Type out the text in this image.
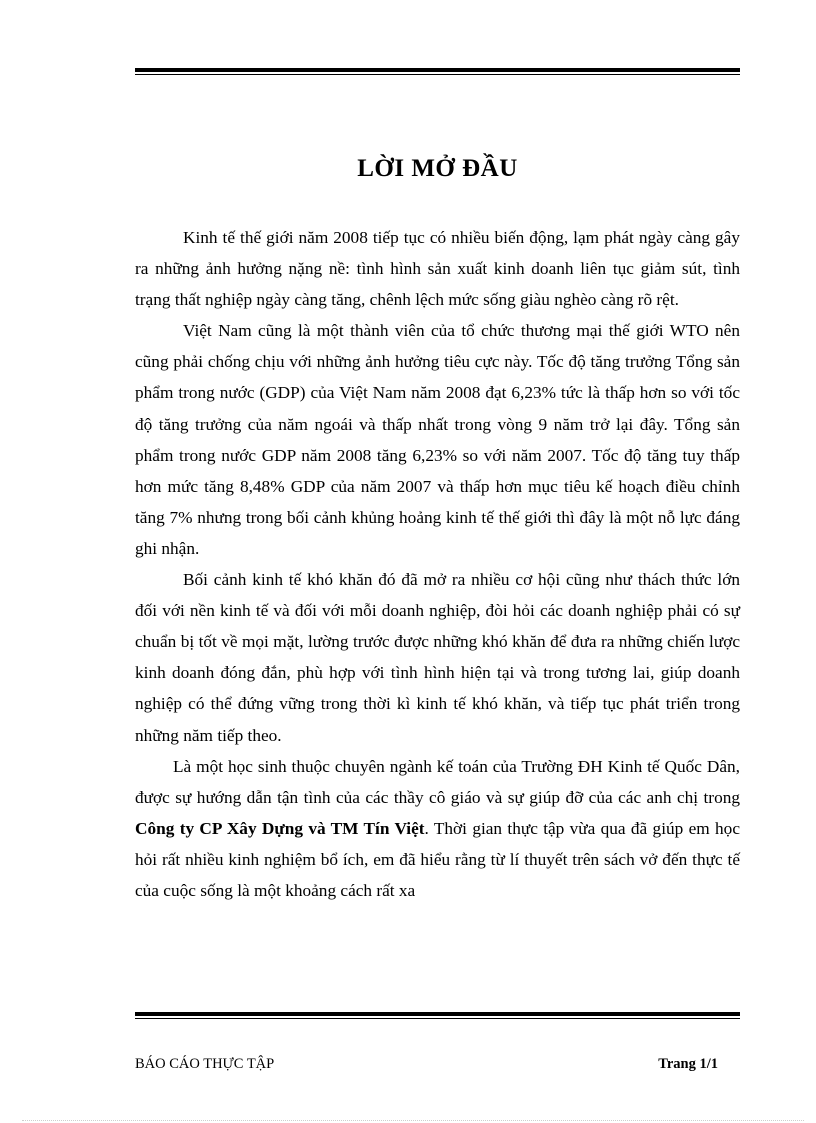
LỜI MỞ ĐẦU

Kinh tế thế giới năm 2008 tiếp tục có nhiều biến động, lạm phát ngày càng gây ra những ảnh hưởng nặng nề: tình hình sản xuất kinh doanh liên tục giảm sút, tình trạng thất nghiệp ngày càng tăng, chênh lệch mức sống giàu nghèo càng rõ rệt.

Việt Nam cũng là một thành viên của tổ chức thương mại thế giới WTO nên cũng phải chống chịu với những ảnh hưởng tiêu cực này. Tốc độ tăng trưởng Tổng sản phẩm trong nước (GDP) của Việt Nam năm 2008 đạt 6,23% tức là thấp hơn so với tốc độ tăng trưởng của năm ngoái và thấp nhất trong vòng 9 năm trở lại đây. Tổng sản phẩm trong nước GDP năm 2008 tăng 6,23% so với năm 2007. Tốc độ tăng tuy thấp hơn mức tăng 8,48% GDP của năm 2007 và thấp hơn mục tiêu kế hoạch điều chỉnh tăng 7% nhưng trong bối cảnh khủng hoảng kinh tế thế giới thì đây là một nỗ lực đáng ghi nhận.

Bối cảnh kinh tế khó khăn đó đã mở ra nhiều cơ hội cũng như thách thức lớn đối với nền kinh tế và đối với mỗi doanh nghiệp, đòi hỏi các doanh nghiệp phải có sự chuẩn bị tốt về mọi mặt, lường trước được những khó khăn để đưa ra những chiến lược kinh doanh đóng đắn, phù hợp với tình hình hiện tại và trong tương lai, giúp doanh nghiệp có thể đứng vững trong thời kì kinh tế khó khăn, và tiếp tục phát triển trong những năm tiếp theo.

Là một học sinh thuộc chuyên ngành kế toán của Trường ĐH Kinh tế Quốc Dân, được sự hướng dẫn tận tình của các thầy cô giáo và sự giúp đỡ của các anh chị trong Công ty CP Xây Dựng và TM Tín Việt. Thời gian thực tập vừa qua đã giúp em học hỏi rất nhiều kinh nghiệm bổ ích, em đã hiểu rằng từ lí thuyết trên sách vở đến thực tế của cuộc sống là một khoảng cách rất xa

BÁO CÁO THỰC TẬP	Trang 1/1
